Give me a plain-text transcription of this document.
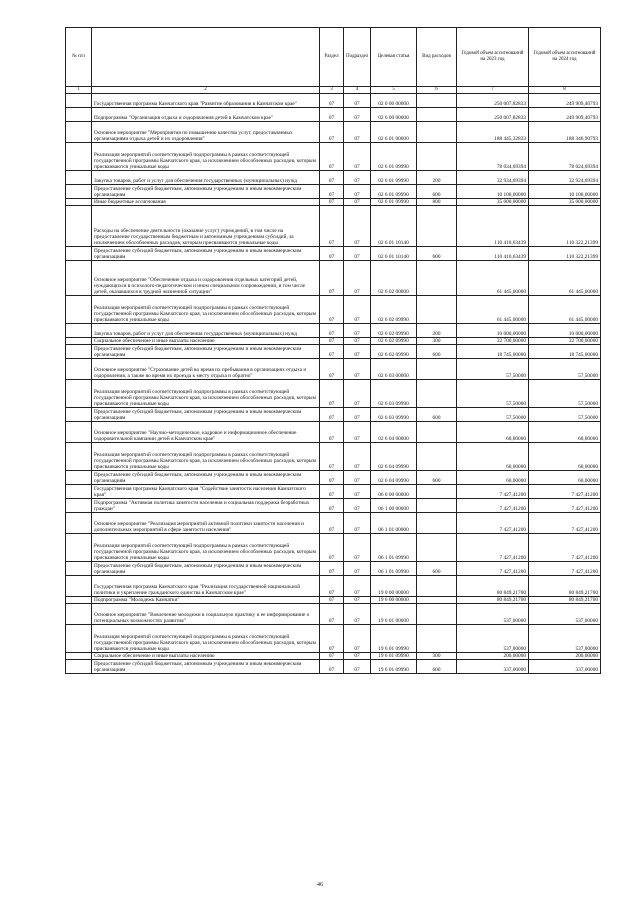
№ п/п		Раздел	Подраздел	Целевая статья	Вид расходов	Годовой объем ассигнований на 2023 год	Годовой объем ассигнований на 2024 год
1	2	3	4	5	6	7	8
	Государственная программа Камчатского края "Развитие образования в Камчатском крае"	07	07	02 0 00 00000		250 007,82833	249 909,40793
	Подпрограмма "Организация отдыха и оздоровления детей в Камчатском крае"	07	07	02 6 00 00000		250 007,82833	249 909,40793
	Основное мероприятие "Мероприятия по повышению качества услуг, предоставляемых организациями отдыха детей и их оздоровления"	07	07	02 6 01 00000		188 445,32833	188 346,90793
	Реализация мероприятий соответствующей подпрограммы в рамках соответствующей государственной программы Камчатского края, за исключением обособленных расходов, которым присваиваются уникальные коды	07	07	02 6 01 09990		78 034,69394	78 024,69394
	Закупка товаров, работ и услуг для обеспечения государственных (муниципальных) нужд	07	07	02 6 01 09990	200	32 934,69394	32 924,69394
	Предоставление субсидий бюджетным, автономным учреждениям и иным некоммерческим организациям	07	07	02 6 01 09990	600	10 100,00000	10 100,00000
	Иные бюджетные ассигнования	07	07	02 6 01 09990	800	35 000,00000	35 000,00000
	Расходы на обеспечение деятельности (оказание услуг) учреждений, в том числе на предоставление государственным бюджетным и автономным учреждениям субсидий, за исключением обособленных расходов, которым присваиваются уникальные коды	07	07	02 6 01 10140		110 410,63439	110 322,21399
	Предоставление субсидий бюджетным, автономным учреждениям и иным некоммерческим организациям	07	07	02 6 01 10140	600	110 410,63439	110 322,21399
	Основное мероприятие "Обеспечение отдыха и оздоровления отдельных категорий детей, нуждающихся в психолого-педагогическом и ином специальном сопровождении, в том числе детей, оказавшихся в трудной жизненной ситуации"	07	07	02 6 02 00000		61 445,00000	61 445,00000
	Реализация мероприятий соответствующей подпрограммы в рамках соответствующей государственной программы Камчатского края, за исключением обособленных расходов, которым присваиваются уникальные коды	07	07	02 6 02 09990		61 445,00000	61 445,00000
	Закупка товаров, работ и услуг для обеспечения государственных (муниципальных) нужд	07	07	02 6 02 09990	200	10 000,00000	10 000,00000
	Социальное обеспечение и иные выплаты населению	07	07	02 6 02 09990	300	32 700,00000	32 700,00000
	Предоставление субсидий бюджетным, автономным учреждениям и иным некоммерческим организациям	07	07	02 6 02 09990	600	18 745,00000	18 745,00000
	Основное мероприятие "Страхование детей во время их пребывания в организациях отдыха и оздоровления, а также во время их проезда к месту отдыха и обратно"	07	07	02 6 03 00000		57,50000	57,50000
	Реализация мероприятий соответствующей подпрограммы в рамках соответствующей государственной программы Камчатского края, за исключением обособленных расходов, которым присваиваются уникальные коды	07	07	02 6 03 09990		57,50000	57,50000
	Предоставление субсидий бюджетным, автономным учреждениям и иным некоммерческим организациям	07	07	02 6 03 09990	600	57,50000	57,50000
	Основное мероприятие "Научно-методическое, кадровое и информационное обеспечение оздоровительной кампании детей в Камчатском крае"	07	07	02 6 04 00000		60,00000	60,00000
	Реализация мероприятий соответствующей подпрограммы в рамках соответствующей государственной программы Камчатского края, за исключением обособленных расходов, которым присваиваются уникальные коды	07	07	02 6 04 09990		60,00000	60,00000
	Предоставление субсидий бюджетным, автономным учреждениям и иным некоммерческим организациям	07	07	02 6 04 09990	600	60,00000	60,00000
	Государственная программа Камчатского края "Содействие занятости населения Камчатского края"	07	07	06 0 00 00000		7 427,41200	7 427,41200
	Подпрограмма "Активная политика занятости населения и социальная поддержка безработных граждан"	07	07	06 1 00 00000		7 427,41200	7 427,41200
	Основное мероприятие "Реализация мероприятий активной политики занятости населения и дополнительных мероприятий в сфере занятости населения"	07	07	06 1 01 00000		7 427,41200	7 427,41200
	Реализация мероприятий соответствующей подпрограммы в рамках соответствующей государственной программы Камчатского края, за исключением обособленных расходов, которым присваиваются уникальные коды	07	07	06 1 01 09990		7 427,41200	7 427,41200
	Предоставление субсидий бюджетным, автономным учреждениям и иным некоммерческим организациям	07	07	06 1 01 09990	600	7 427,41200	7 427,41200
	Государственная программа Камчатского края "Реализация государственной национальной политики и укрепление гражданского единства в Камчатском крае"	07	07	19 0 00 00000		80 849,21700	80 849,21700
	Подпрограмма "Молодежь Камчатки"	07	07	19 6 00 00000		80 849,21700	80 849,21700
	Основное мероприятие "Вовлечение молодежи в социальную практику и ее информирование о потенциальных возможностях развития"	07	07	19 6 01 00000		537,00000	537,00000
	Реализация мероприятий соответствующей подпрограммы в рамках соответствующей государственной программы Камчатского края, за исключением обособленных расходов, которым присваиваются уникальные коды	07	07	19 6 01 09990		537,00000	537,00000
	Социальное обеспечение и иные выплаты населению	07	07	19 6 01 09990	300	200,00000	200,00000
	Предоставление субсидий бюджетным, автономным учреждениям и иным некоммерческим организациям	07	07	19 6 01 09990	600	337,00000	337,00000
46
